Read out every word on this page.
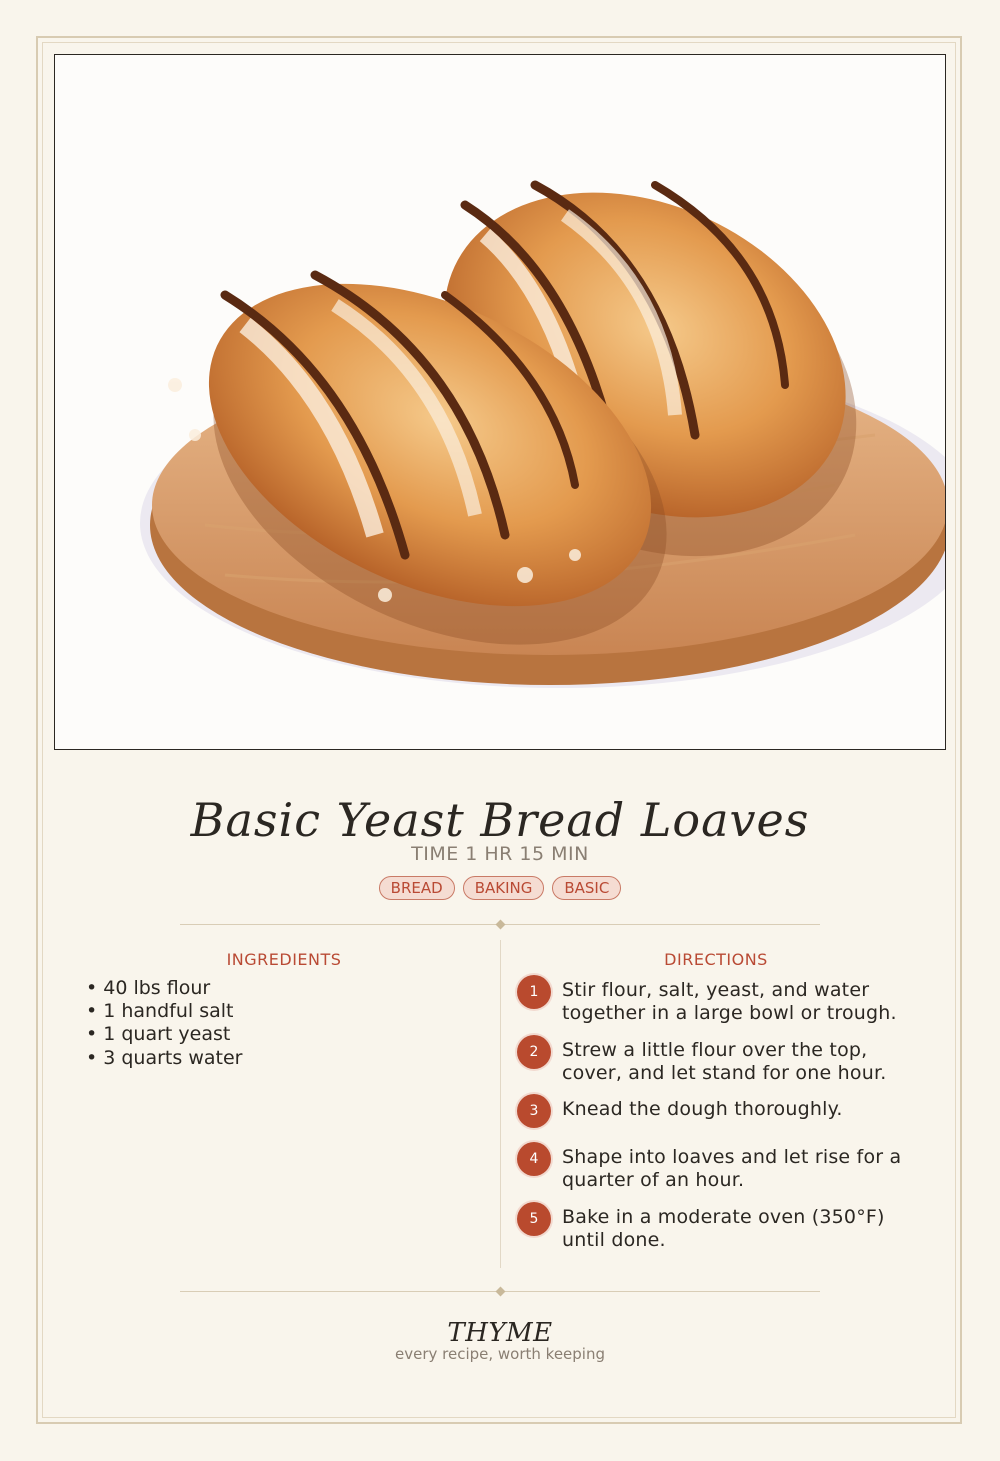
Basic Yeast Bread Loaves
TIME 1 HR 15 MIN
BREAD	BAKING	BASIC
INGREDIENTS
• 40 lbs flour
• 1 handful salt
• 1 quart yeast
• 3 quarts water
DIRECTIONS
1	Stir flour, salt, yeast, and water together in a large bowl or trough.
2	Strew a little flour over the top, cover, and let stand for one hour.
3	Knead the dough thoroughly.
4	Shape into loaves and let rise for a quarter of an hour.
5	Bake in a moderate oven (350°F) until done.
THYME
every recipe, worth keeping
